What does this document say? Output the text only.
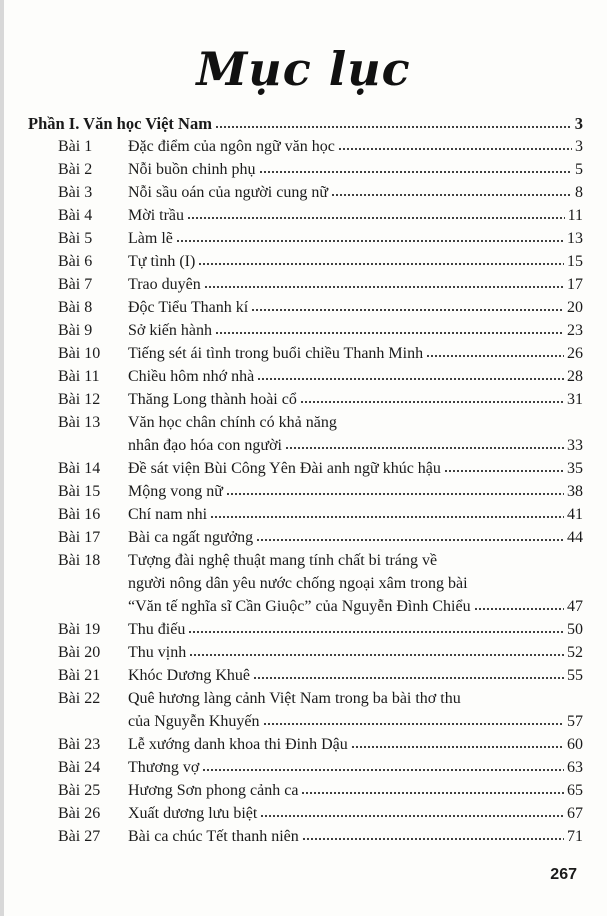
Mục lục
Phần I. Văn học Việt Nam	3
Bài 1	Đặc điểm của ngôn ngữ văn học	3
Bài 2	Nỗi buồn chinh phụ	5
Bài 3	Nỗi sầu oán của người cung nữ	8
Bài 4	Mời trầu	11
Bài 5	Làm lẽ	13
Bài 6	Tự tình (I)	15
Bài 7	Trao duyên	17
Bài 8	Độc Tiểu Thanh kí	20
Bài 9	Sở kiến hành	23
Bài 10	Tiếng sét ái tình trong buổi chiều Thanh Minh	26
Bài 11	Chiều hôm nhớ nhà	28
Bài 12	Thăng Long thành hoài cổ	31
Bài 13	Văn học chân chính có khả năng
nhân đạo hóa con người	33
Bài 14	Đề sát viện Bùi Công Yên Đài anh ngữ khúc hậu	35
Bài 15	Mộng vong nữ	38
Bài 16	Chí nam nhi	41
Bài 17	Bài ca ngất ngưởng	44
Bài 18	Tượng đài nghệ thuật mang tính chất bi tráng về
người nông dân yêu nước chống ngoại xâm trong bài
“Văn tế nghĩa sĩ Cần Giuộc” của Nguyễn Đình Chiểu	47
Bài 19	Thu điếu	50
Bài 20	Thu vịnh	52
Bài 21	Khóc Dương Khuê	55
Bài 22	Quê hương làng cảnh Việt Nam trong ba bài thơ thu
của Nguyễn Khuyến	57
Bài 23	Lễ xướng danh khoa thi Đinh Dậu	60
Bài 24	Thương vợ	63
Bài 25	Hương Sơn phong cảnh ca	65
Bài 26	Xuất dương lưu biệt	67
Bài 27	Bài ca chúc Tết thanh niên	71
267
